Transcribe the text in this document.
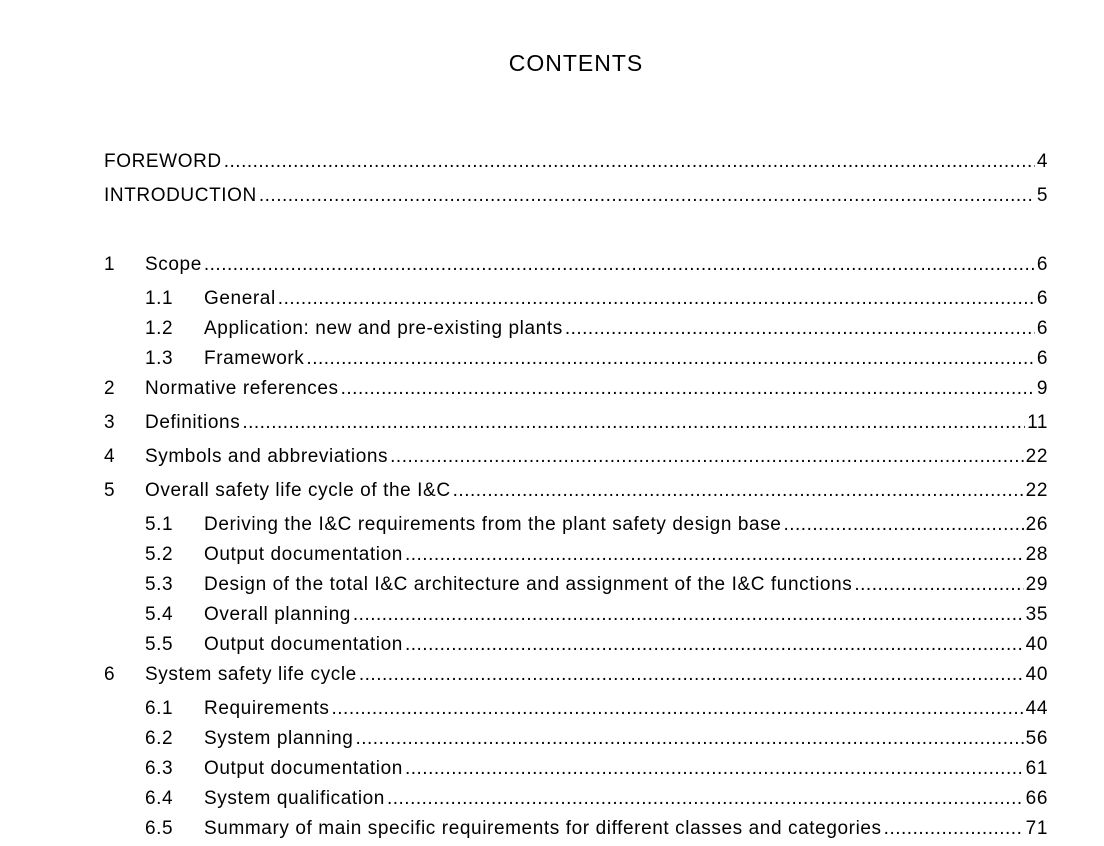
CONTENTS
FOREWORD .....	4
INTRODUCTION .....	5
1	Scope .....	6
1.1	General .....	6
1.2	Application: new and pre-existing plants .....	6
1.3	Framework .....	6
2	Normative references .....	9
3	Definitions .....	11
4	Symbols and abbreviations .....	22
5	Overall safety life cycle of the I&C .....	22
5.1	Deriving the I&C requirements from the plant safety design base .....	26
5.2	Output documentation .....	28
5.3	Design of the total I&C architecture and assignment of the I&C functions .....	29
5.4	Overall planning .....	35
5.5	Output documentation .....	40
6	System safety life cycle .....	40
6.1	Requirements .....	44
6.2	System planning .....	56
6.3	Output documentation .....	61
6.4	System qualification .....	66
6.5	Summary of main specific requirements for different classes and categories .....	71
